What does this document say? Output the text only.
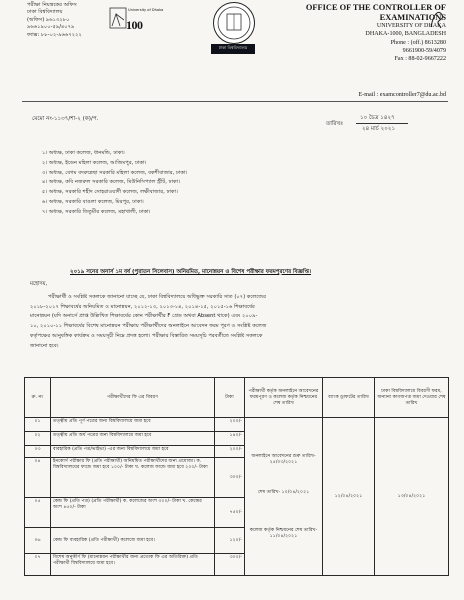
পরীক্ষা নিয়ন্ত্রকের অফিস
ঢাকা বিশ্ববিদ্যালয়
(অফিস) ৯৬১৩২৮০
৯৬৬১৯০০-৫৯/৪০৭৯
ফ্যাক্স: ৮৮-০২-৯৬৬৭২২২
100
University of Dhaka
ঢাকা বিশ্ববিদ্যালয়
OFFICE OF THE CONTROLLER OF
EXAMINATIONS
UNIVERSITY OF DHAKA
DHAKA-1000, BANGLADESH
Phone : (off.) 8613280
9661900-59/4079
Fax : 88-02-9667222
E-mail : examcontroller7@du.ac.bd
মেমো নং-১১৩৭/শা-২ (ক)/প.
তারিখঃ
১০ চৈত্র ১৪২৭
২৪ মার্চ ২০২১
১। অধ্যক্ষ, ঢাকা কলেজ, ধানমন্ডি, ঢাকা।
২। অধ্যক্ষ, ইডেন মহিলা কলেজ, আজিমপুর, ঢাকা।
৩। অধ্যক্ষ, বেগম বদরুন্নেছা সরকারি মহিলা কলেজ, বকশীবাজার, ঢাকা।
৪। অধ্যক্ষ, কবি নজরুল সরকারি কলেজ, মিউনিসিপ্যাল স্ট্রীট, ঢাকা।
৫। অধ্যক্ষ, সরকারি শহীদ সোহরাওয়ার্দী কলেজ, লক্ষীবাজার, ঢাকা।
৬। অধ্যক্ষ, সরকারি বাঙলা কলেজ, মিরপুর, ঢাকা।
৭। অধ্যক্ষ, সরকারি তিতুমীর কলেজ, মহাখালী, ঢাকা।
২০১৯ সনের অনার্স ১ম বর্ষ (পুরাতন সিলেবাস) অনিয়মিত, মানোন্নয়ন ও বিশেষ পরীক্ষার ফরমপূরণের বিজ্ঞপ্তি।
মহোদয়,
পরীক্ষার্থী ও সংশ্লিষ্ট সকলকে জানানো যাচ্ছে যে, ঢাকা বিশ্ববিদ্যালয়ে অধিভুক্ত সরকারি সাত (০৭) কলেজের
২০১৮-২০১৭ শিক্ষাবর্ষের অনিয়মিত ও মানোন্নয়ন, ২০১২-১৩, ২০১৩-১৪, ২০১৪-১৫, ২০১৫-১৬ শিক্ষাবর্ষের
মানোন্নয়ন (যদি অনার্সে প্রাপ্ত উল্লিখিত শিক্ষাবর্ষের কোন পরীক্ষার্থীর F গ্রেড অথবা Absent থাকে) এবং ২০০৯-
১০, ২০১০-১১ শিক্ষাবর্ষের বিশেষ মানোন্নয়ন পরীক্ষায় পরীক্ষার্থীদের অনলাইনে আবেদন ফরম পূরণ ও সংশ্লিষ্ট কলেজ
কর্তৃপক্ষের আনুষঙ্গিক কার্যক্রম ও সময়সূচী নিম্নে প্রদত্ত হলো। পরীক্ষার বিস্তারিত সময়সূচি পরবর্তীতে সংশ্লিষ্ট সকলকে
জানানো হবে।
ক্র. নং	পরীক্ষার্থীদের ফি এর বিবরণ	টাকা	পরীক্ষার্থী কর্তৃক অনলাইনে আবেদনের ফরমপূরণ ও কলেজ কর্তৃক নিশ্চয়নের শেষ তারিখ	ব্যাংক ড্রাফটের তারিখ	ঢাকা বিশ্ববিদ্যালয়ে বিবরণী ফরম, অন্যান্য কাগজপত্র জমা দেওয়ার শেষ তারিখ
০১	তত্ত্বীয় প্রতি পূর্ণ পত্রের জন্য বিশ্ববিদ্যালয়ে জমা হবে	২০০/-	অনলাইনে আবেদনের শুরু তারিখ- ২৫/০৩/২০২১
শেষ তারিখ- ১০/০৪/২০২১
কলেজ কর্তৃক নিশ্চয়নের শেষ তারিখ- ১১/০৪/২০২১	১২/০৪/২০২১	১৩/০৪/২০২১
০২	তত্ত্বীয় প্রতি অর্ধ পত্রের জন্য বিশ্ববিদ্যালয়ে জমা হবে	১৪০/-			
০৩	ব্যবহারিক (প্রতি পত্র/ভাইভা) -এর জন্য বিশ্ববিদ্যালয়ে জমা হবে	২০০/-			
০৪	ইনকোর্স পরীক্ষার ফি (প্রতি পরীক্ষার্থী) অনিয়মিত পরীক্ষার্থীদের জন্য প্রযোজ্য। ক. বিশ্ববিদ্যালয়ের ফান্ডে জমা হবে ১০০/- টাকা খ. কলেজ ফান্ডে জমা হবে ২০০/- টাকা	৩০০/-			
০৫	কেন্দ্র ফি (প্রতি পত্র) (প্রতি পরীক্ষার্থী) ক. কলেজের অংশ ৩০০/- টাকা খ. কেন্দ্রের অংশ ৪৫০/- টাকা	৭৫০/-			
০৬	কেন্দ্র ফি ব্যবহারিক (প্রতি পরীক্ষার্থী) কলেজে জমা হবে।	১২০/-			
০৭	বিশেষ অনুত্তীর্ণ ফি (মানোন্নয়ন পরীক্ষার্থীর জন্য প্রত্যেক ফি এর অতিরিক্ত) প্রতি পরীক্ষার্থী বিশ্ববিদ্যালয়ে জমা হবে।	৩০০/-			
